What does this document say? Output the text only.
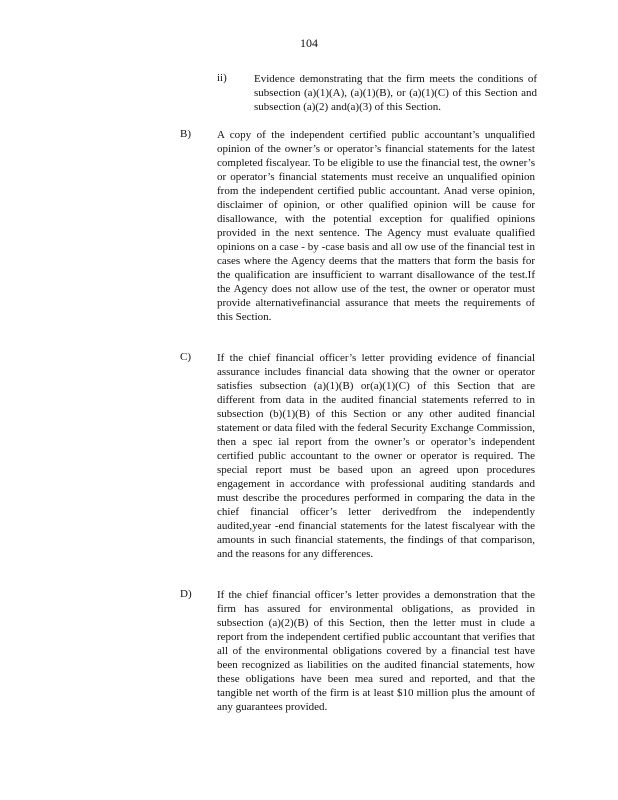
104
ii) Evidence demonstrating that the firm meets the conditions of subsection (a)(1)(A), (a)(1)(B), or (a)(1)(C) of this Section and subsection (a)(2) and(a)(3) of this Section.
B) A copy of the independent certified public accountant’s unqualified opinion of the owner’s or operator’s financial statements for the latest completed fiscalyear. To be eligible to use the financial test, the owner’s or operator’s financial statements must receive an unqualified opinion from the independent certified public accountant. Anad verse opinion, disclaimer of opinion, or other qualified opinion will be cause for disallowance, with the potential exception for qualified opinions provided in the next sentence. The Agency must evaluate qualified opinions on a case - by -case basis and all ow use of the financial test in cases where the Agency deems that the matters that form the basis for the qualification are insufficient to warrant disallowance of the test.If the Agency does not allow use of the test, the owner or operator must provide alternativefinancial assurance that meets the requirements of this Section.
C) If the chief financial officer’s letter providing evidence of financial assurance includes financial data showing that the owner or operator satisfies subsection (a)(1)(B) or(a)(1)(C) of this Section that are different from data in the audited financial statements referred to in subsection (b)(1)(B) of this Section or any other audited financial statement or data filed with the federal Security Exchange Commission, then a spec ial report from the owner’s or operator’s independent certified public accountant to the owner or operator is required. The special report must be based upon an agreed upon procedures engagement in accordance with professional auditing standards and must describe the procedures performed in comparing the data in the chief financial officer’s letter derivedfrom the independently audited,year -end financial statements for the latest fiscalyear with the amounts in such financial statements, the findings of that comparison, and the reasons for any differences.
D) If the chief financial officer’s letter provides a demonstration that the firm has assured for environmental obligations, as provided in subsection (a)(2)(B) of this Section, then the letter must in clude a report from the independent certified public accountant that verifies that all of the environmental obligations covered by a financial test have been recognized as liabilities on the audited financial statements, how these obligations have been mea sured and reported, and that the tangible net worth of the firm is at least $10 million plus the amount of any guarantees provided.
